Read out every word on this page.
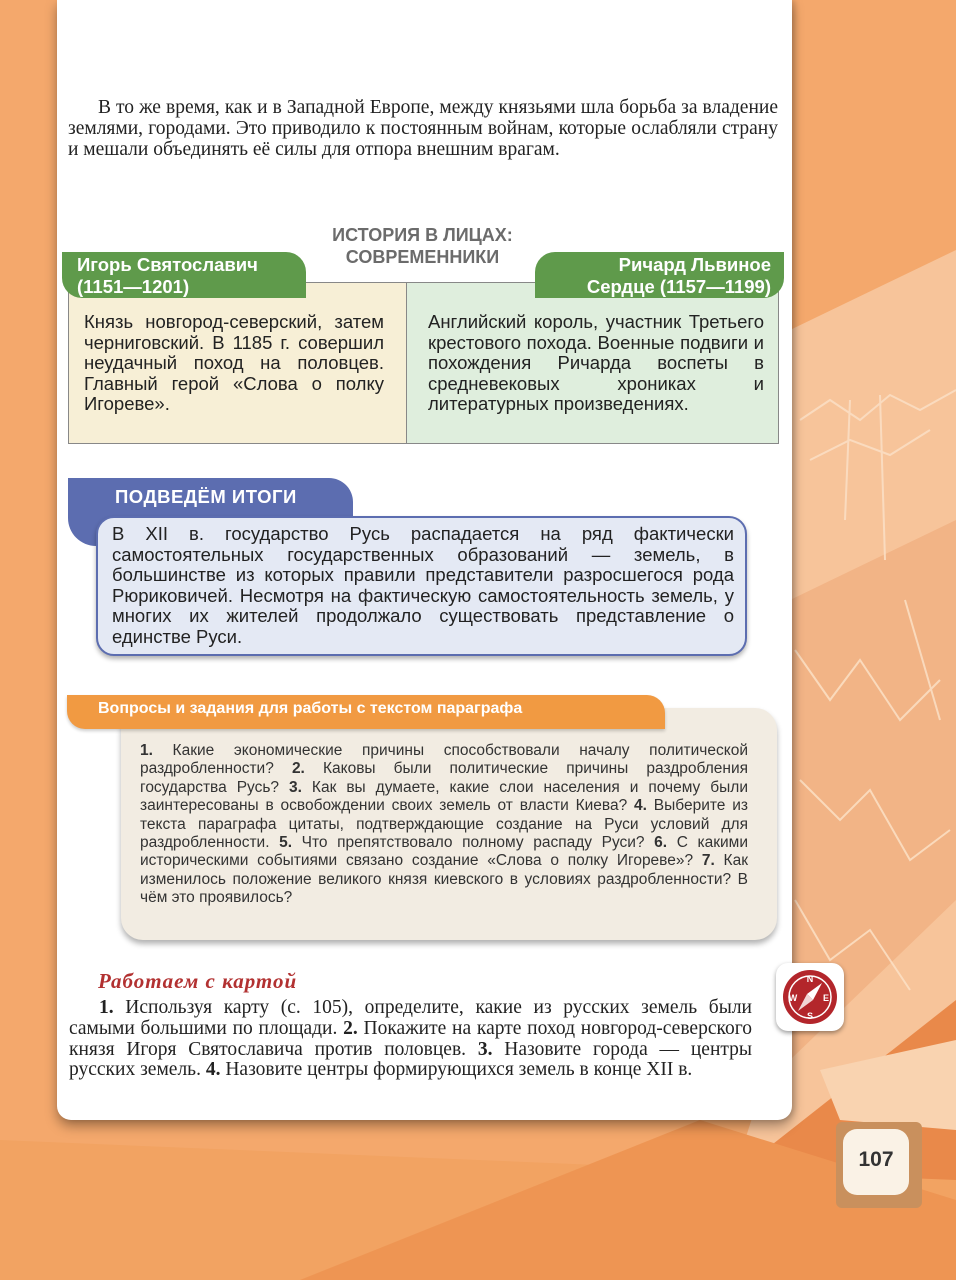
В то же время, как и в Западной Европе, между князьями шла борьба за владение землями, городами. Это приводило к постоянным войнам, которые ослабляли страну и мешали объединять её силы для отпора внешним врагам.

ИСТОРИЯ В ЛИЦАХ:
СОВРЕМЕННИКИ
Игорь Святославич
(1151—1201)
Ричард Львиное
Сердце (1157—1199)

Князь новгород-северский, затем черниговский. В 1185 г. совершил неудачный поход на половцев. Главный герой «Слова о полку Игореве».

Английский король, участник Третьего крестового похода. Военные подвиги и похождения Ричарда воспеты в средневековых хрониках и литературных произведениях.

ПОДВЕДЁМ ИТОГИ

В XII в. государство Русь распадается на ряд фактически самостоятельных государственных образований — земель, в большинстве из которых правили представители разросшегося рода Рюриковичей. Несмотря на фактическую самостоятельность земель, у многих их жителей продолжало существовать представление о единстве Руси.

Вопросы и задания для работы с текстом параграфа

1. Какие экономические причины способствовали началу политической раздробленности? 2. Каковы были политические причины раздробления государства Русь? 3. Как вы думаете, какие слои населения и почему были заинтересованы в освобождении своих земель от власти Киева? 4. Выберите из текста параграфа цитаты, подтверждающие создание на Руси условий для раздробленности. 5. Что препятствовало полному распаду Руси? 6. С какими историческими событиями связано создание «Слова о полку Игореве»? 7. Как изменилось положение великого князя киевского в условиях раздробленности? В чём это проявилось?

Работаем с картой

1. Используя карту (с. 105), определите, какие из русских земель были самыми большими по площади. 2. Покажите на карте поход новгород-северского князя Игоря Святославича против половцев. 3. Назовите города — центры русских земель. 4. Назовите центры формирующихся земель в конце XII в.

N
E
S
W
107
